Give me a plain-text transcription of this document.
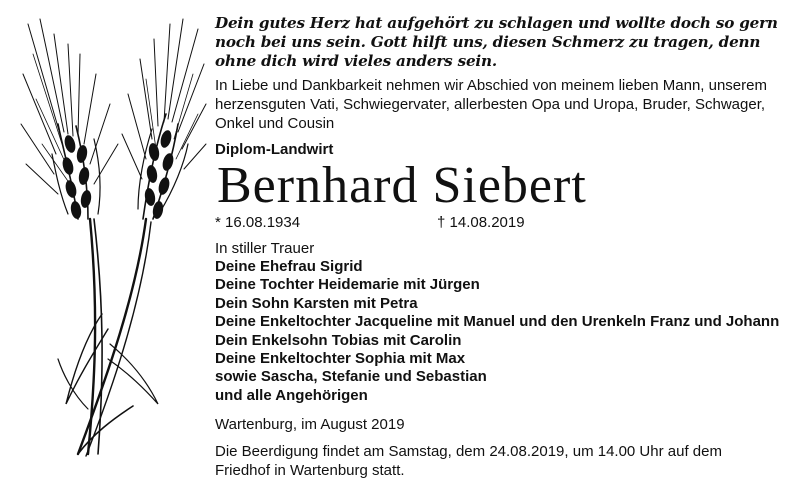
Dein gutes Herz hat aufgehört zu schlagen und wollte doch so gern noch bei uns sein. Gott hilft uns, diesen Schmerz zu tragen, denn ohne dich wird vieles anders sein.

In Liebe und Dankbarkeit nehmen wir Abschied von meinem lieben Mann, unserem herzensguten Vati, Schwiegervater, allerbesten Opa und Uropa, Bruder, Schwager, Onkel und Cousin

Diplom-Landwirt

Bernhard Siebert
* 16.08.1934	† 14.08.2019
In stiller Trauer
Deine Ehefrau Sigrid
Deine Tochter Heidemarie mit Jürgen
Dein Sohn Karsten mit Petra
Deine Enkeltochter Jacqueline mit Manuel und den Urenkeln Franz und Johann
Dein Enkelsohn Tobias mit Carolin
Deine Enkeltochter Sophia mit Max
sowie Sascha, Stefanie und Sebastian
und alle Angehörigen
Wartenburg, im August 2019
Die Beerdigung findet am Samstag, dem 24.08.2019, um 14.00 Uhr auf dem Friedhof in Wartenburg statt.
